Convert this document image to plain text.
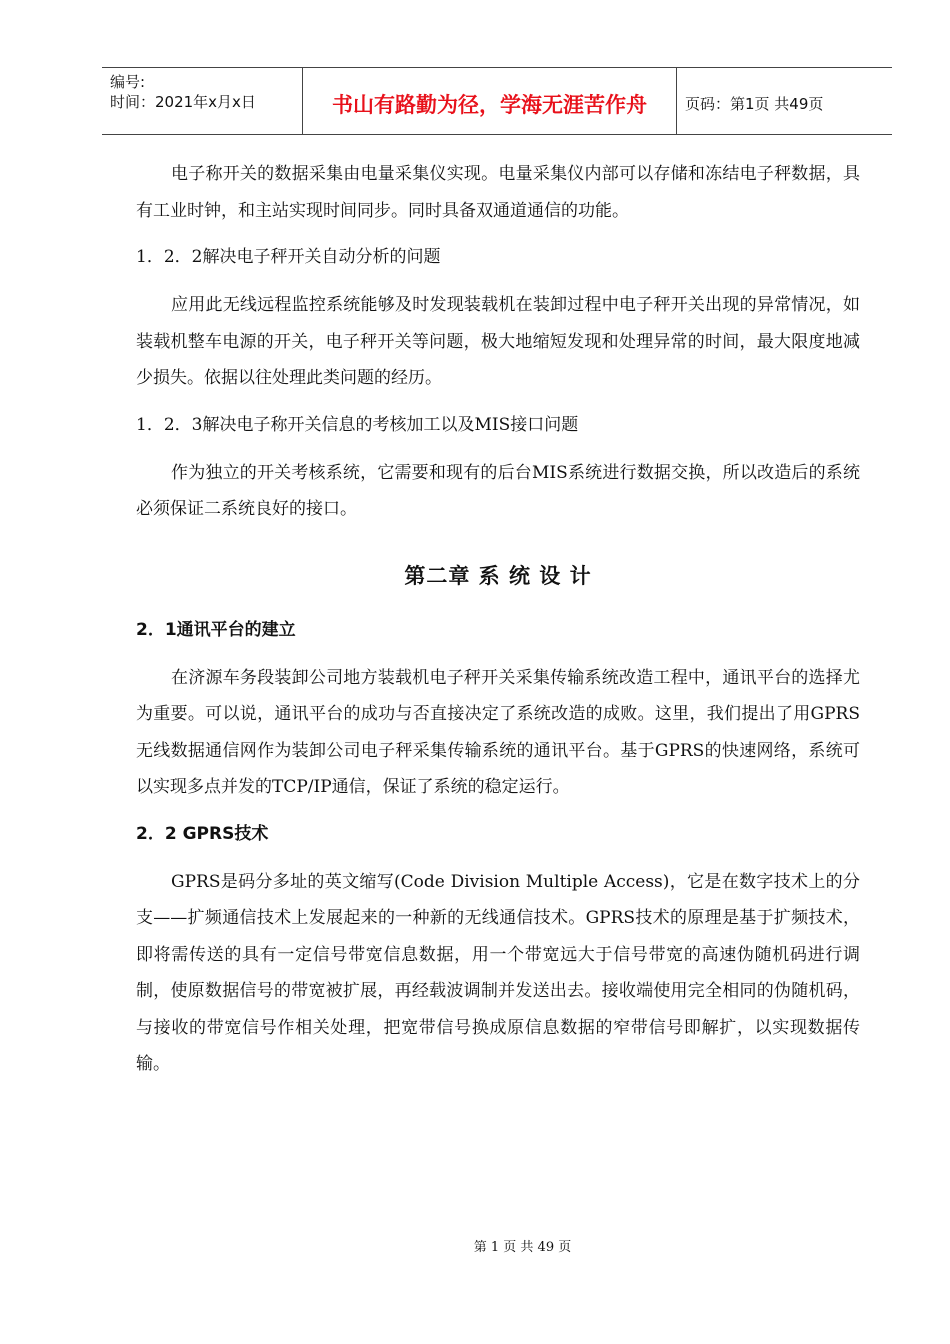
编号:
时间：2021年x月x日	书山有路勤为径，学海无涯苦作舟	页码：第1页 共49页

电子称开关的数据采集由电量采集仪实现。电量采集仪内部可以存储和冻结电子秤数据，具有工业时钟，和主站实现时间同步。同时具备双通道通信的功能。

1．2．2解决电子秤开关自动分析的问题

应用此无线远程监控系统能够及时发现装载机在装卸过程中电子秤开关出现的异常情况，如装载机整车电源的开关，电子秤开关等问题，极大地缩短发现和处理异常的时间，最大限度地减少损失。依据以往处理此类问题的经历。

1．2．3解决电子称开关信息的考核加工以及MIS接口问题

作为独立的开关考核系统，它需要和现有的后台MIS系统进行数据交换，所以改造后的系统必须保证二系统良好的接口。

第二章 系 统 设 计
2．1通讯平台的建立

在济源车务段装卸公司地方装载机电子秤开关采集传输系统改造工程中，通讯平台的选择尤为重要。可以说，通讯平台的成功与否直接决定了系统改造的成败。这里，我们提出了用GPRS无线数据通信网作为装卸公司电子秤采集传输系统的通讯平台。基于GPRS的快速网络，系统可以实现多点并发的TCP/IP通信，保证了系统的稳定运行。

2．2 GPRS技术

GPRS是码分多址的英文缩写(Code Division Multiple Access)，它是在数字技术上的分支——扩频通信技术上发展起来的一种新的无线通信技术。GPRS技术的原理是基于扩频技术，即将需传送的具有一定信号带宽信息数据，用一个带宽远大于信号带宽的高速伪随机码进行调制，使原数据信号的带宽被扩展，再经载波调制并发送出去。接收端使用完全相同的伪随机码，与接收的带宽信号作相关处理，把宽带信号换成原信息数据的窄带信号即解扩，以实现数据传输。

第 1 页 共 49 页
